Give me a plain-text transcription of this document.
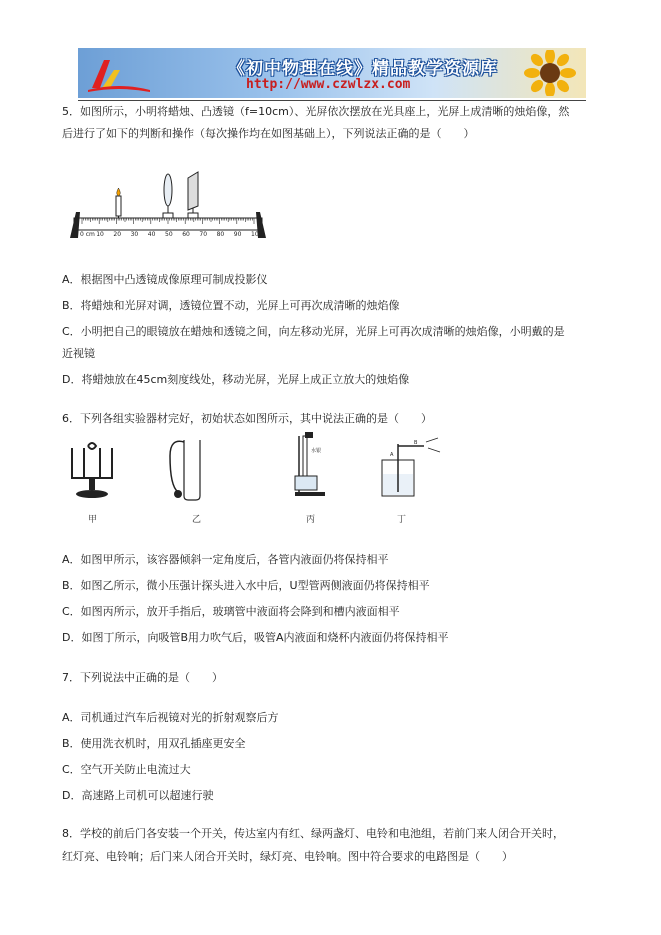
《初中物理在线》精品教学资源库
http://www.czwlzx.com
5．如图所示，小明将蜡烛、凸透镜（f=10cm）、光屏依次摆放在光具座上，光屏上成清晰的烛焰像，然
后进行了如下的判断和操作（每次操作均在如图基础上），下列说法正确的是（　　）
0 cm 10 20 30 40 50 60 70 80 90 100
A．根据图中凸透镜成像原理可制成投影仪
B．将蜡烛和光屏对调，透镜位置不动，光屏上可再次成清晰的烛焰像
C．小明把自己的眼镜放在蜡烛和透镜之间，向左移动光屏，光屏上可再次成清晰的烛焰像，小明戴的是
近视镜
D．将蜡烛放在45cm刻度线处，移动光屏，光屏上成正立放大的烛焰像
6．下列各组实验器材完好，初始状态如图所示，其中说法正确的是（　　）
甲	乙
水银
丙
A
B
丁
A．如图甲所示，该容器倾斜一定角度后，各管内液面仍将保持相平
B．如图乙所示，微小压强计探头进入水中后，U型管两侧液面仍将保持相平
C．如图丙所示，放开手指后，玻璃管中液面将会降到和槽内液面相平
D．如图丁所示，向吸管B用力吹气后，吸管A内液面和烧杯内液面仍将保持相平
7．下列说法中正确的是（　　）
A．司机通过汽车后视镜对光的折射观察后方
B．使用洗衣机时，用双孔插座更安全
C．空气开关防止电流过大
D．高速路上司机可以超速行驶
8．学校的前后门各安装一个开关，传达室内有红、绿两盏灯、电铃和电池组，若前门来人闭合开关时，
红灯亮、电铃响；后门来人闭合开关时，绿灯亮、电铃响。图中符合要求的电路图是（　　）
